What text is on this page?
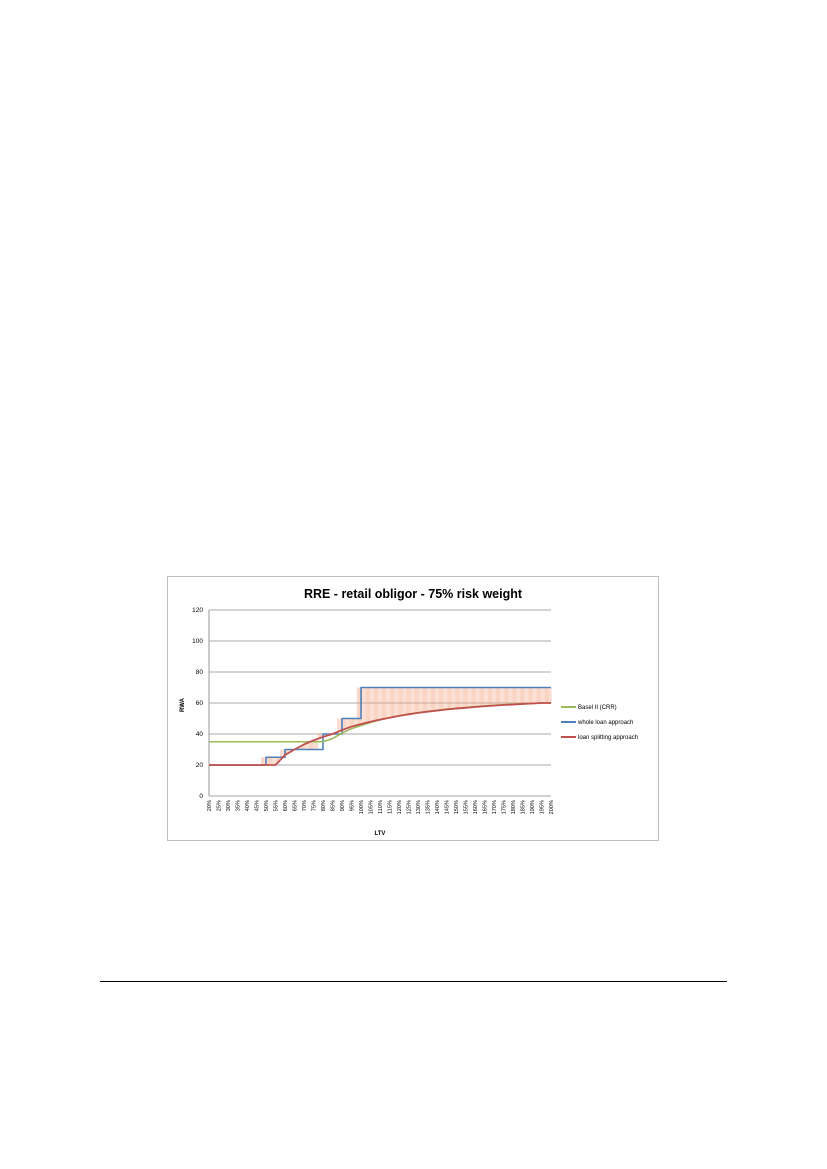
0
20
40
60
80
100
120
20% 25% 30% 35% 40% 45% 50% 55% 60% 65% 70% 75% 80% 85% 90% 95% 100% 105% 110% 115% 120% 125% 130% 135% 140% 145% 150% 155% 160% 165% 170% 175% 180% 185% 190% 195% 200%
RRE - retail obligor - 75% risk weight
RWA
LTV
Basel II (CRR)
whole loan approach
loan splitting approach
